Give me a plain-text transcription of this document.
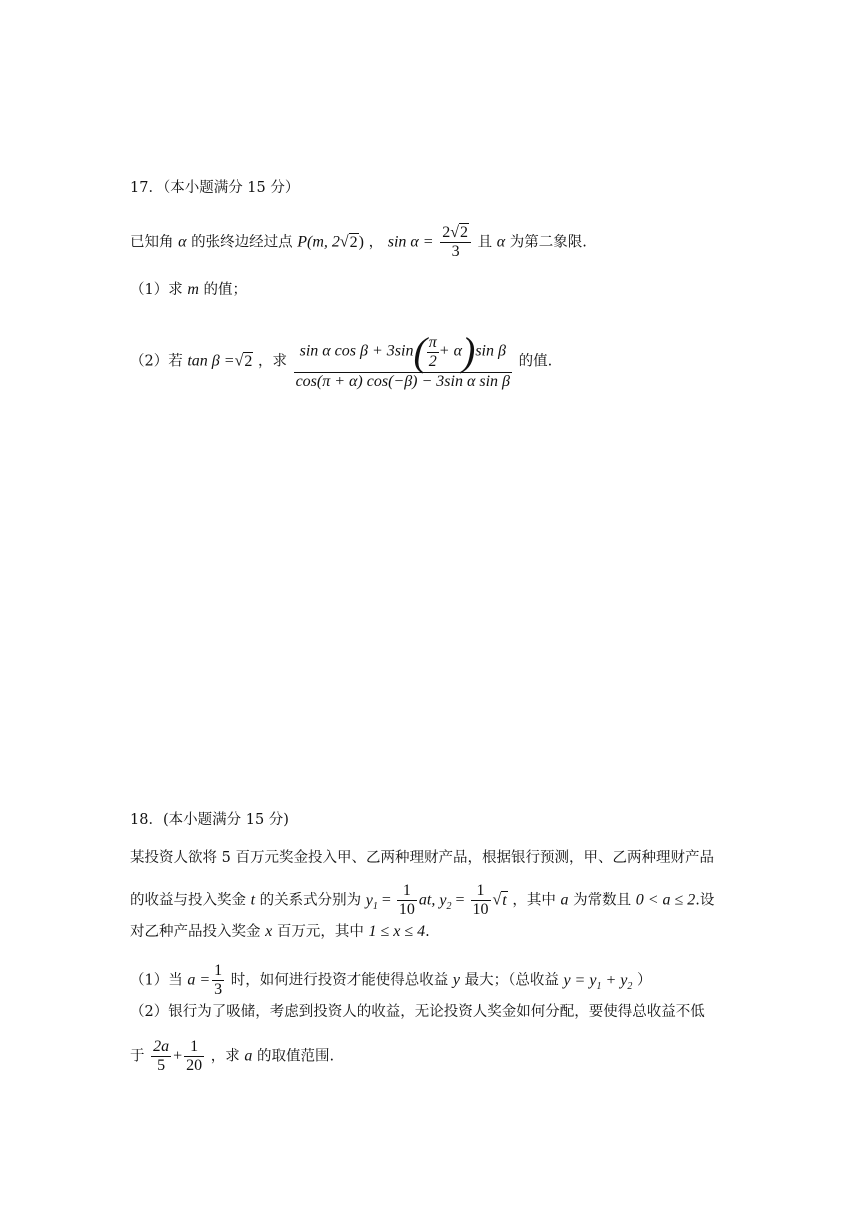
17．（本小题满分 15 分）
已知角 α 的张终边经过点 P(m, 2√2) ， $\sin \alpha = \frac{2√2}{3}$ 且 α 为第二象限.
（1）求 m 的值；
（2）若 tan β =√2 ，求 $\frac{\sin \alpha \cos \beta + 3\sin( \frac{\pi}{2} + \alpha)\sin \beta}{\text{cos(π + α) cos(−β) − 3sin α sin β}}$ 的值.
18．(本小题满分 15 分)
某投资人欲将 5 百万元奖金投入甲、乙两种理财产品，根据银行预测，甲、乙两种理财产品
的收益与投入奖金 t 的关系式分别为 $y_1 = \frac{1}{10}$ at, $y_2 = \frac{1}{10} √t$ ，其中 a 为常数且 0 < a ≤ 2.设
对乙种产品投入奖金 x 百万元，其中 1 ≤ x ≤ 4.
（1）当 $a = \frac{1}{3}$ 时，如何进行投资才能使得总收益 y 最大；（总收益 $y = y_1 + y_2$ ）
（2）银行为了吸储，考虑到投资人的收益，无论投资人奖金如何分配，要使得总收益不低
于 $\frac{2a}{5} + \frac{1}{20}$ ，求 a 的取值范围.
